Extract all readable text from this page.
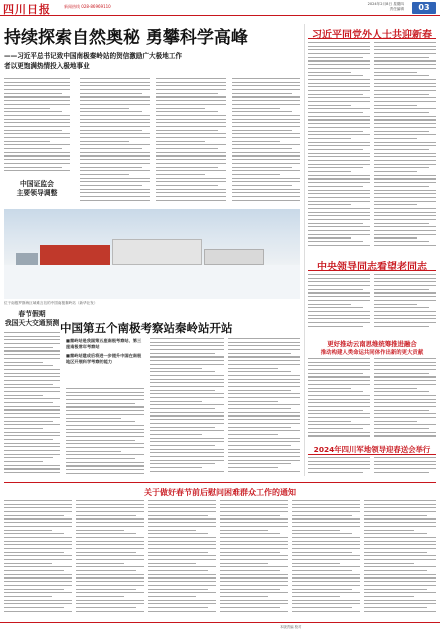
四川日报	新闻热线 028-86969110	2024年2月8日 星期四
责任编辑	03
持续探索自然奥秘 勇攀科学高峰
——习近平总书记致中国南极秦岭站的贺信激励广大极地工作
者以更饱满热情投入极地事业
中国证监会
主要领导调整
位于南极罗斯海区域难言岛的中国南极秦岭站（新华社发）
中国第五个南极考察站秦岭站开站
春节假期
我国天大交通预测
■秦岭站是我国第五座南极考察站、第三座南极常年考察站
■秦岭站建成后将进一步提升中国在南极地区开展科学考察的能力
习近平同党外人士共迎新春
中央领导同志看望老同志
更好推动云南思维统筹推进融合
推动构建人类命运共同体作出新的更大贡献
2024年四川军地领导迎春送会举行
关于做好春节前后慰问困难群众工作的通知
本版责编 校对
